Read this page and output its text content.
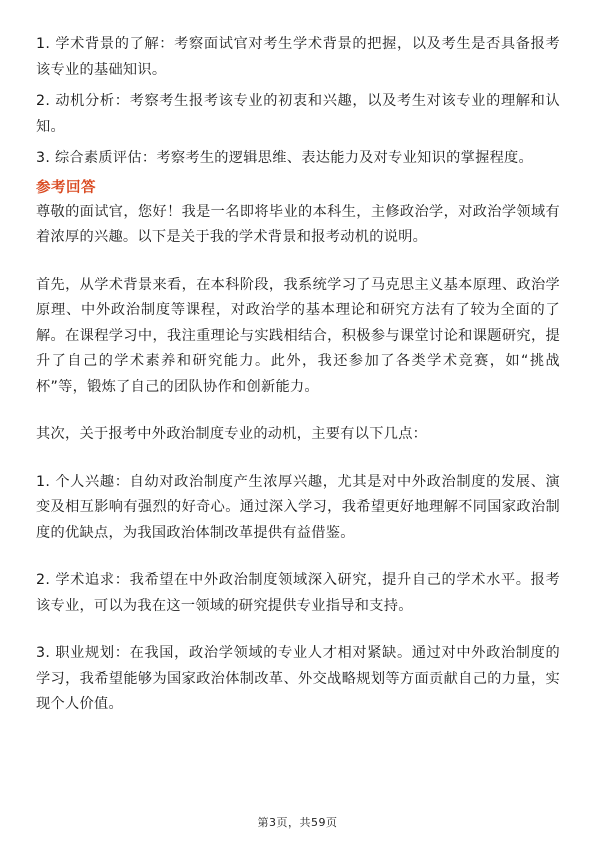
1. 学术背景的了解：考察面试官对考生学术背景的把握，以及考生是否具备报考该专业的基础知识。

2. 动机分析：考察考生报考该专业的初衷和兴趣，以及考生对该专业的理解和认知。

3. 综合素质评估：考察考生的逻辑思维、表达能力及对专业知识的掌握程度。

参考回答

尊敬的面试官，您好！我是一名即将毕业的本科生，主修政治学，对政治学领域有着浓厚的兴趣。以下是关于我的学术背景和报考动机的说明。

首先，从学术背景来看，在本科阶段，我系统学习了马克思主义基本原理、政治学原理、中外政治制度等课程，对政治学的基本理论和研究方法有了较为全面的了解。在课程学习中，我注重理论与实践相结合，积极参与课堂讨论和课题研究，提升了自己的学术素养和研究能力。此外，我还参加了各类学术竞赛，如“挑战杯”等，锻炼了自己的团队协作和创新能力。

其次，关于报考中外政治制度专业的动机，主要有以下几点：

1. 个人兴趣：自幼对政治制度产生浓厚兴趣，尤其是对中外政治制度的发展、演变及相互影响有强烈的好奇心。通过深入学习，我希望更好地理解不同国家政治制度的优缺点，为我国政治体制改革提供有益借鉴。

2. 学术追求：我希望在中外政治制度领域深入研究，提升自己的学术水平。报考该专业，可以为我在这一领域的研究提供专业指导和支持。

3. 职业规划：在我国，政治学领域的专业人才相对紧缺。通过对中外政治制度的学习，我希望能够为国家政治体制改革、外交战略规划等方面贡献自己的力量，实现个人价值。

第3页，共59页
